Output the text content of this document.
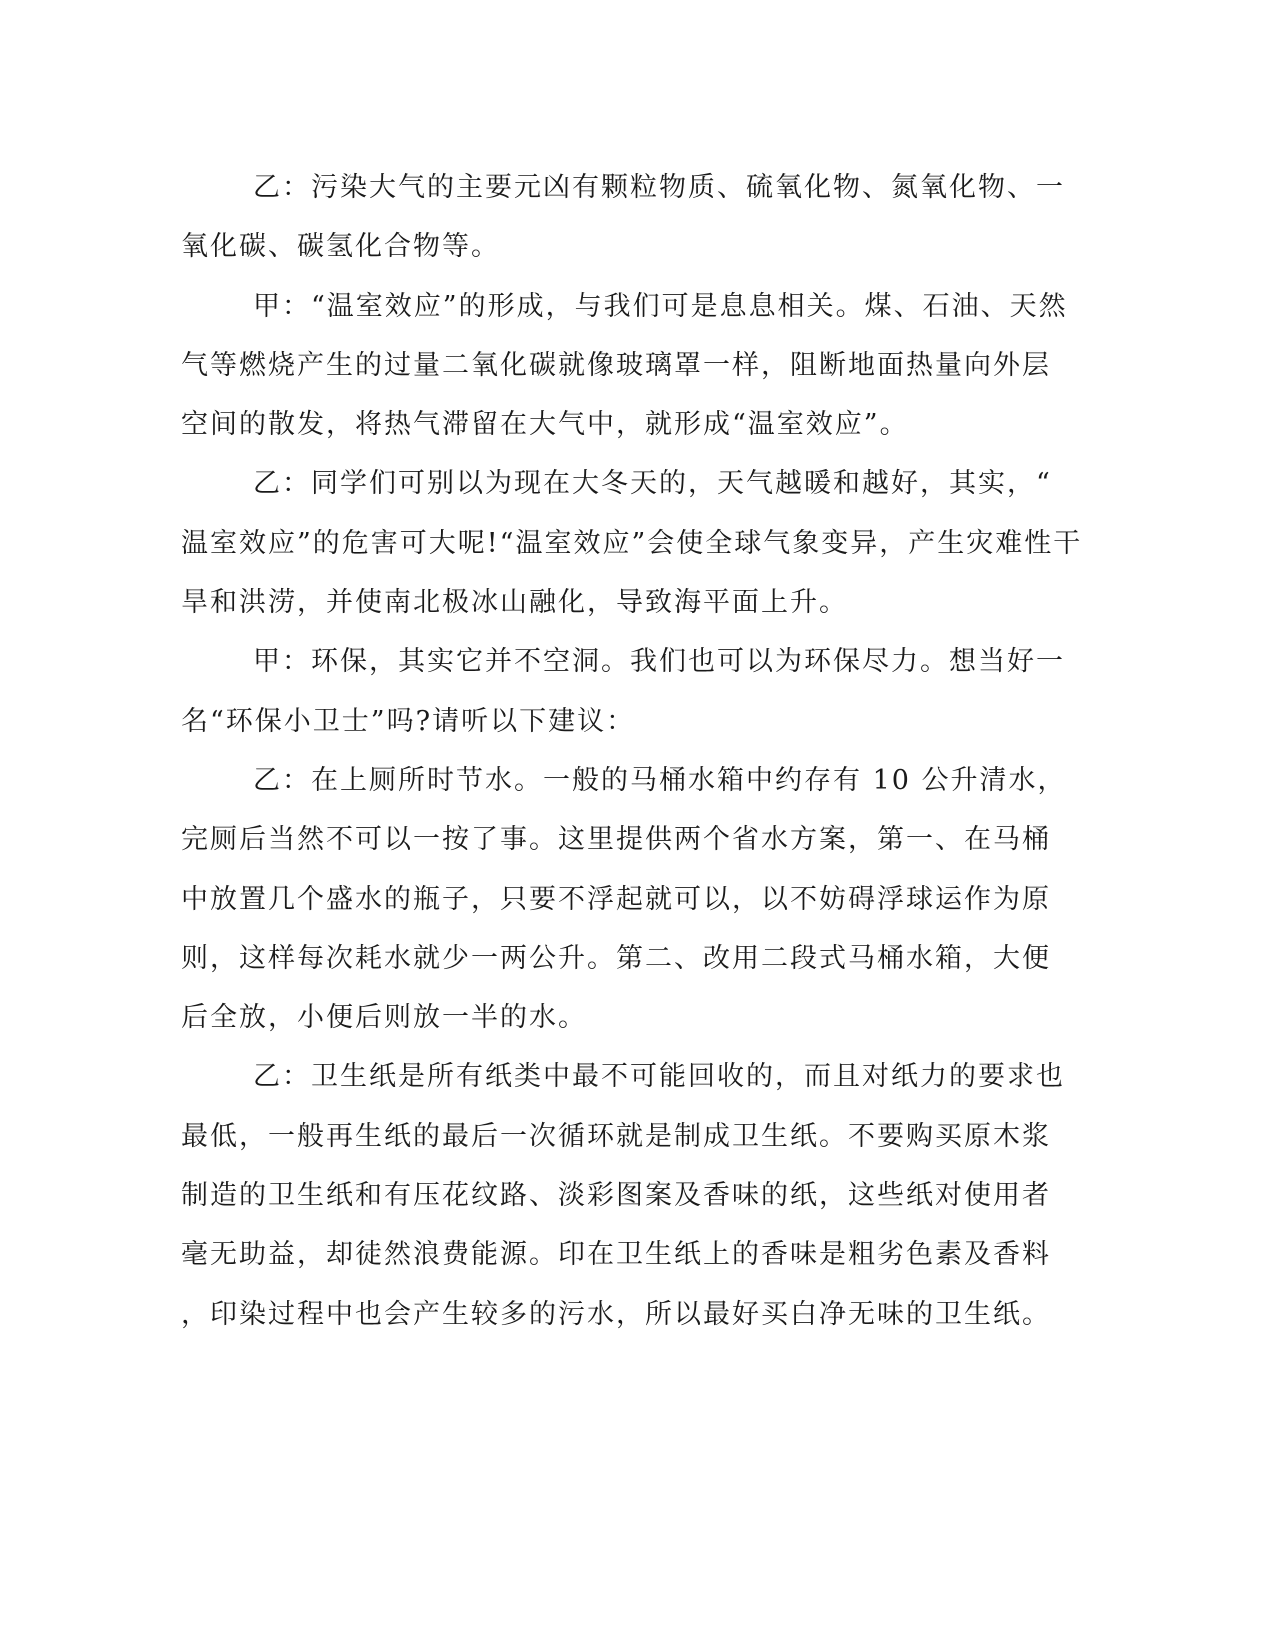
乙：污染大气的主要元凶有颗粒物质、硫氧化物、氮氧化物、一
氧化碳、碳氢化合物等。
甲：“温室效应”的形成，与我们可是息息相关。煤、石油、天然
气等燃烧产生的过量二氧化碳就像玻璃罩一样，阻断地面热量向外层
空间的散发，将热气滞留在大气中，就形成“温室效应”。
乙：同学们可别以为现在大冬天的，天气越暖和越好，其实，“
温室效应”的危害可大呢!“温室效应”会使全球气象变异，产生灾难性干
旱和洪涝，并使南北极冰山融化，导致海平面上升。
甲：环保，其实它并不空洞。我们也可以为环保尽力。想当好一
名“环保小卫士”吗?请听以下建议：
乙：在上厕所时节水。一般的马桶水箱中约存有 10 公升清水，
完厕后当然不可以一按了事。这里提供两个省水方案，第一、在马桶
中放置几个盛水的瓶子，只要不浮起就可以，以不妨碍浮球运作为原
则，这样每次耗水就少一两公升。第二、改用二段式马桶水箱，大便
后全放，小便后则放一半的水。
乙：卫生纸是所有纸类中最不可能回收的，而且对纸力的要求也
最低，一般再生纸的最后一次循环就是制成卫生纸。不要购买原木浆
制造的卫生纸和有压花纹路、淡彩图案及香味的纸，这些纸对使用者
毫无助益，却徒然浪费能源。印在卫生纸上的香味是粗劣色素及香料
，印染过程中也会产生较多的污水，所以最好买白净无味的卫生纸。
